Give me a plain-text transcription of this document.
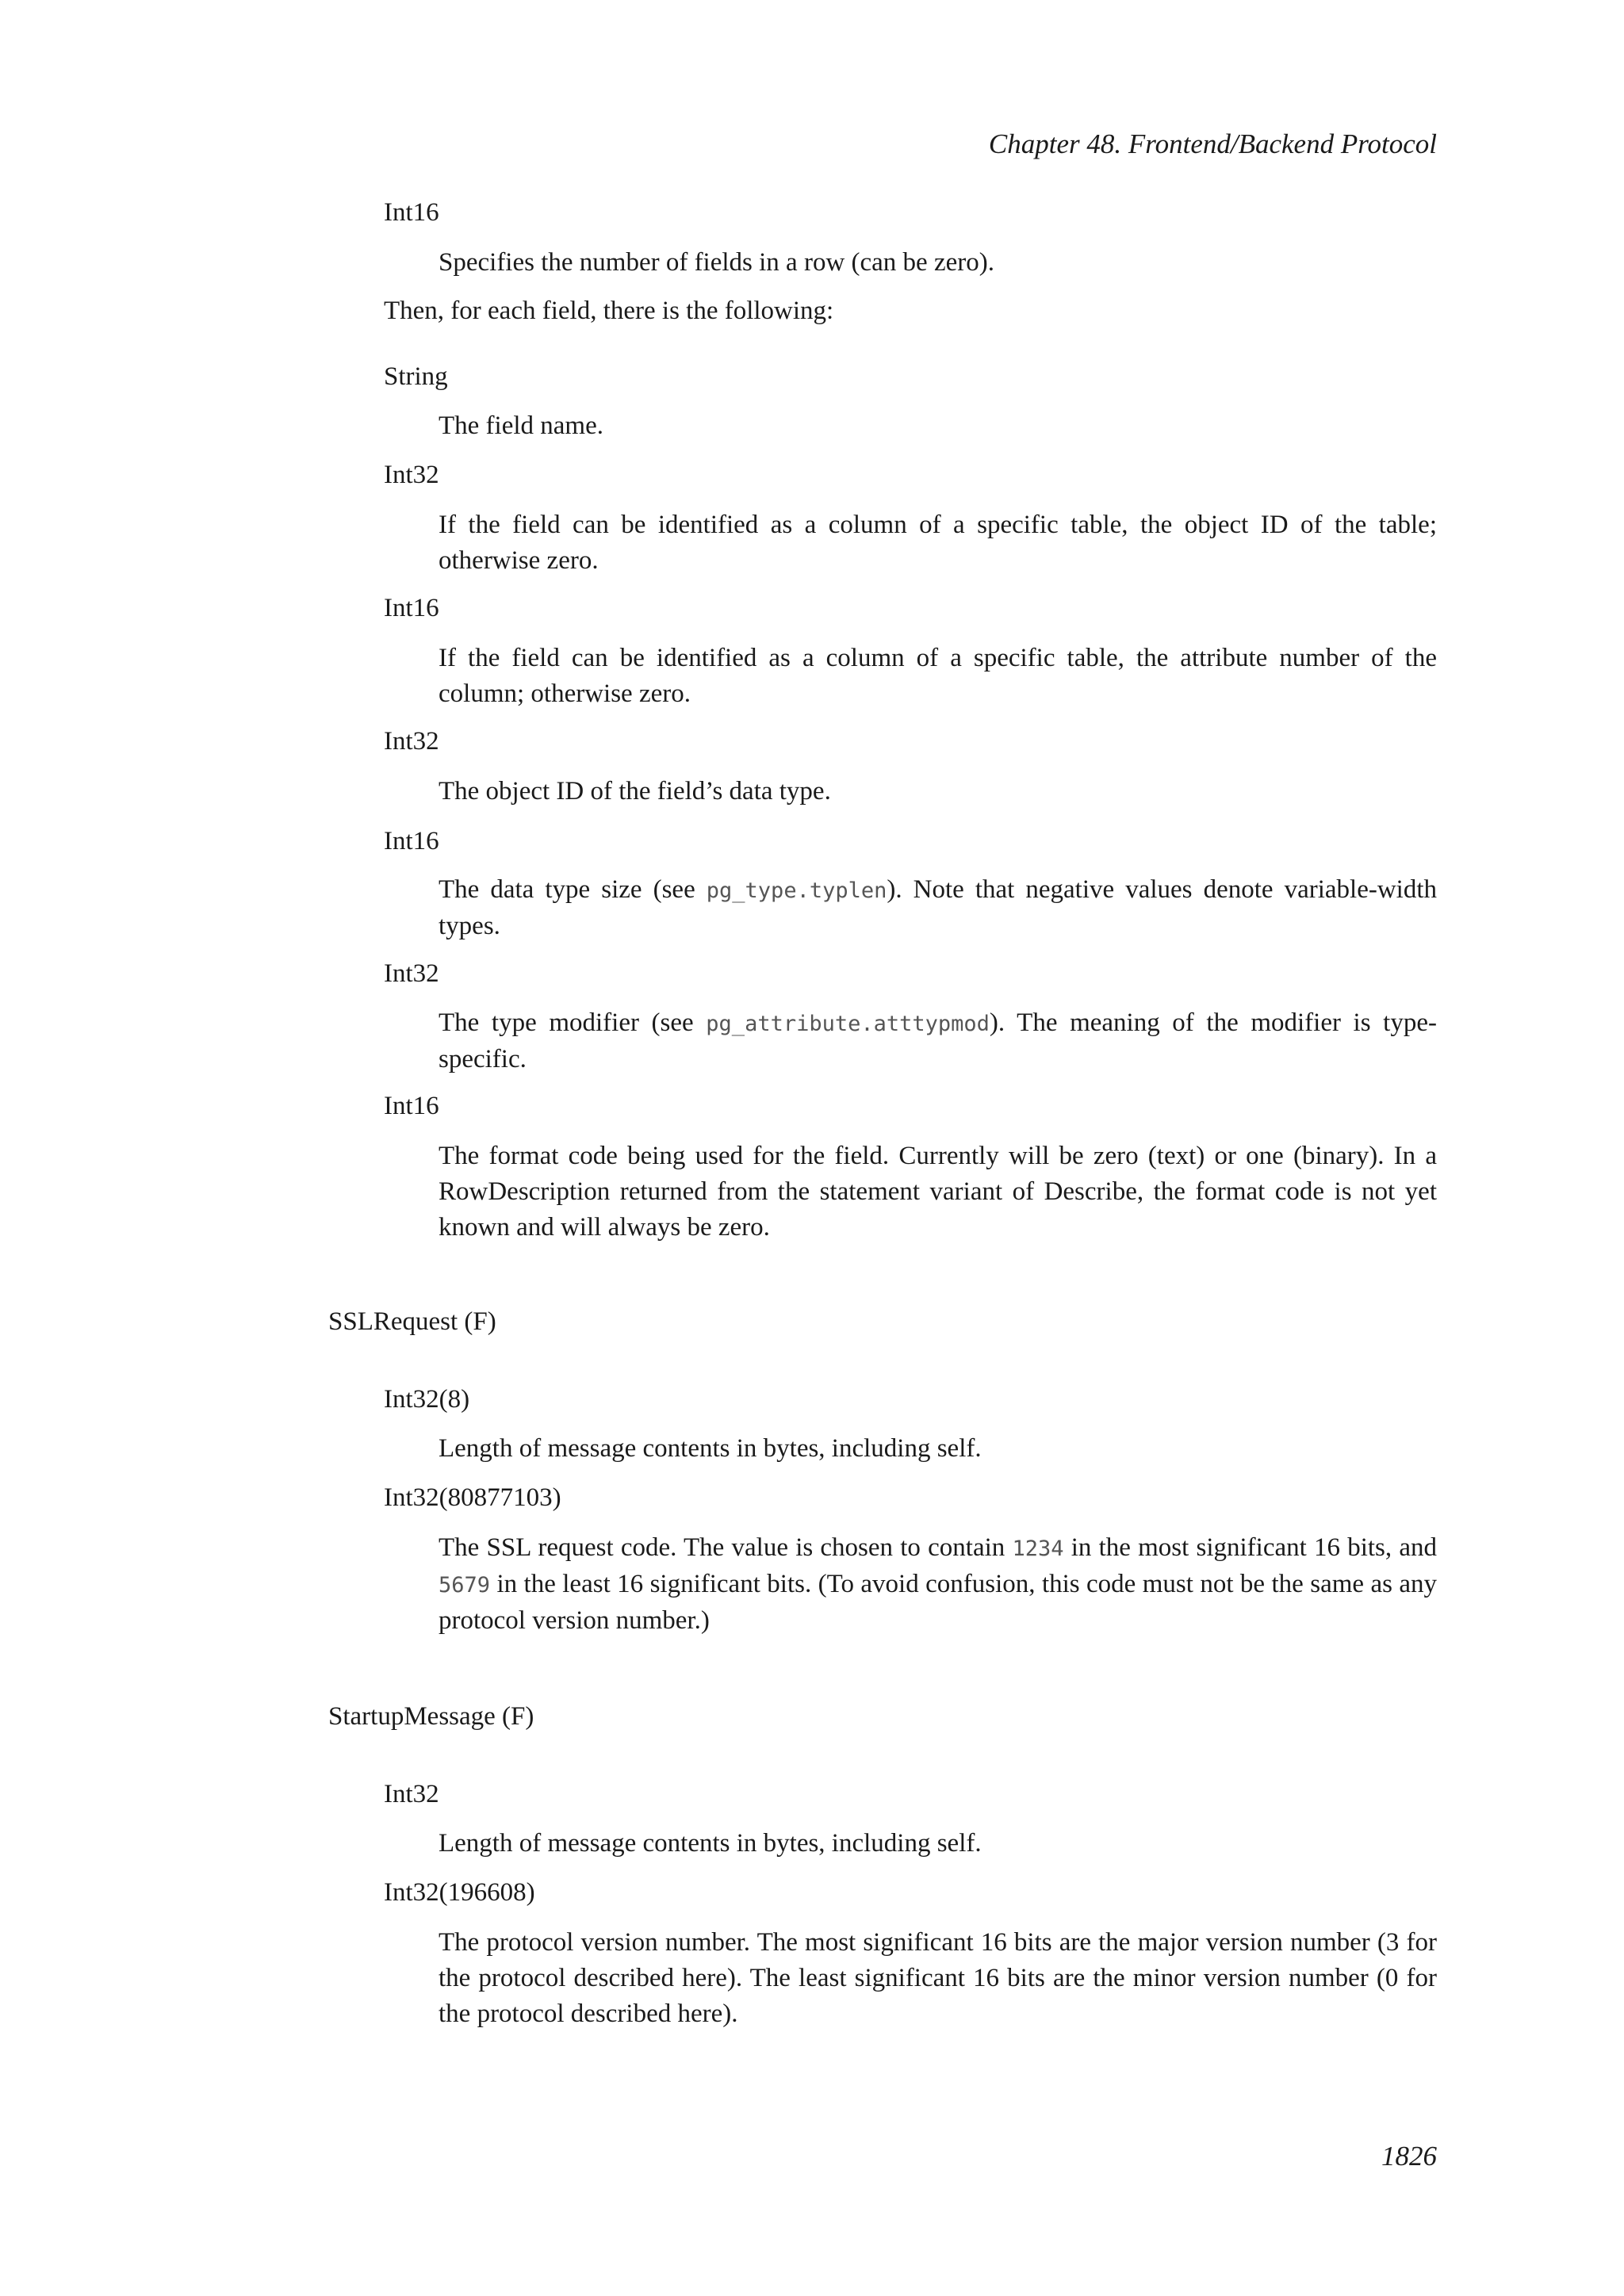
Chapter 48. Frontend/Backend Protocol
Int16
Specifies the number of fields in a row (can be zero).
Then, for each field, there is the following:
String
The field name.
Int32
If the field can be identified as a column of a specific table, the object ID of the table; otherwise zero.
Int16
If the field can be identified as a column of a specific table, the attribute number of the column; otherwise zero.
Int32
The object ID of the field’s data type.
Int16
The data type size (see pg_type.typlen). Note that negative values denote variable-width types.
Int32
The type modifier (see pg_attribute.atttypmod). The meaning of the modifier is type-specific.
Int16
The format code being used for the field. Currently will be zero (text) or one (binary). In a RowDescription returned from the statement variant of Describe, the format code is not yet known and will always be zero.
SSLRequest (F)
Int32(8)
Length of message contents in bytes, including self.
Int32(80877103)
The SSL request code. The value is chosen to contain 1234 in the most significant 16 bits, and 5679 in the least 16 significant bits. (To avoid confusion, this code must not be the same as any protocol version number.)
StartupMessage (F)
Int32
Length of message contents in bytes, including self.
Int32(196608)
The protocol version number. The most significant 16 bits are the major version number (3 for the protocol described here). The least significant 16 bits are the minor version number (0 for the protocol described here).
1826
